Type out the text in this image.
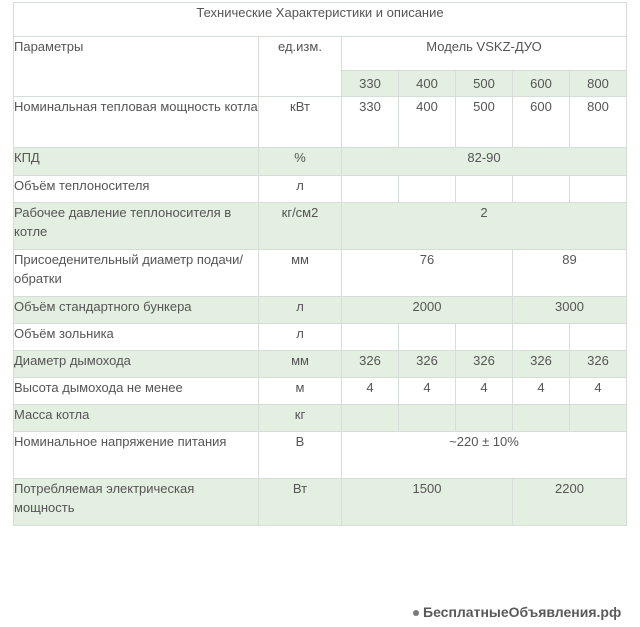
Технические Характеристики и описание						
Параметры	ед.изм.	Модель VSKZ-ДУО				
		330	400	500	600	800
Номинальная тепловая мощность котла	кВт	330	400	500	600	800
КПД	%	82-90				
Объём теплоносителя	л					
Рабочее давление теплоносителя в котле	кг/см2	2				
Присоеденительный диаметр подачи/обратки	мм	76			89	
Объём стандартного бункера	л	2000			3000	
Объём зольника	л					
Диаметр дымохода	мм	326	326	326	326	326
Высота дымохода не менее	м	4	4	4	4	4
Масса котла	кг					
Номинальное напряжение питания	В	~220 ± 10%				
Потребляемая электрическая мощность	Вт	1500			2200	
БесплатныеОбъявления.рф
